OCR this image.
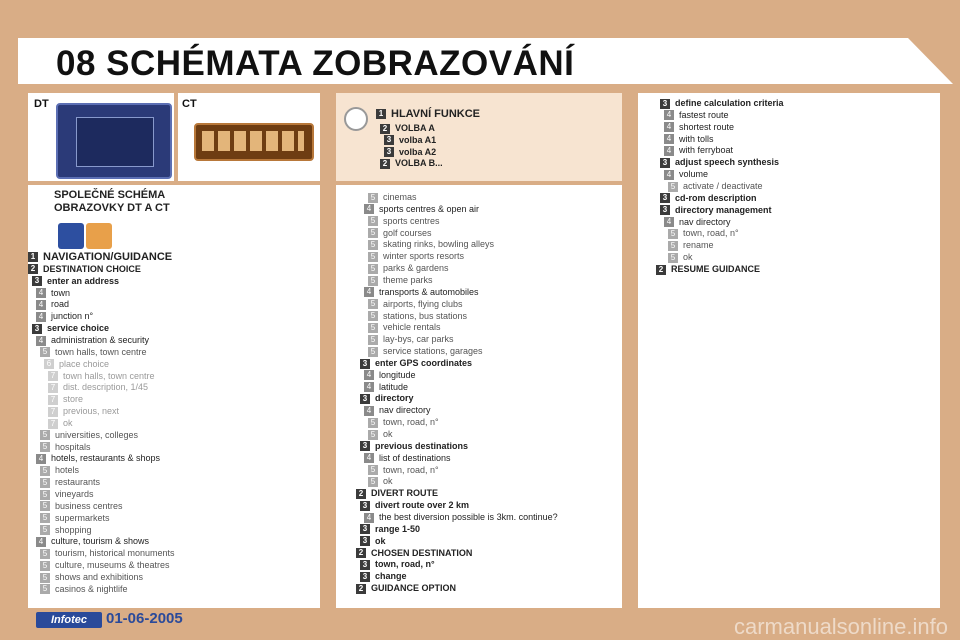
08 SCHÉMATA ZOBRAZOVÁNÍ
DT	CT
SPOLEČNÉ SCHÉMA
OBRAZOVKY DT A CT
1 NAVIGATION/GUIDANCE
2 DESTINATION CHOICE
3 enter an address
4 town
4 road
4 junction n°
3 service choice
4 administration & security
5 town halls, town centre
6 place choice
7 town halls, town centre
7 dist. description, 1/45
7 store
7 previous, next
7 ok
5 universities, colleges
5 hospitals
4 hotels, restaurants & shops
5 hotels
5 restaurants
5 vineyards
5 business centres
5 supermarkets
5 shopping
4 culture, tourism & shows
5 tourism, historical monuments
5 culture, museums & theatres
5 shows and exhibitions
5 casinos & nightlife
1 HLAVNÍ FUNKCE
2 VOLBA A
3 volba A1
3 volba A2
2 VOLBA B...
5 cinemas
4 sports centres & open air
5 sports centres
5 golf courses
5 skating rinks, bowling alleys
5 winter sports resorts
5 parks & gardens
5 theme parks
4 transports & automobiles
5 airports, flying clubs
5 stations, bus stations
5 vehicle rentals
5 lay-bys, car parks
5 service stations, garages
3 enter GPS coordinates
4 longitude
4 latitude
3 directory
4 nav directory
5 town, road, n°
5 ok
3 previous destinations
4 list of destinations
5 town, road, n°
5 ok
2 DIVERT ROUTE
3 divert route over 2 km
4 the best diversion possible is 3km. continue?
3 range 1-50
3 ok
2 CHOSEN DESTINATION
3 town, road, n°
3 change
2 GUIDANCE OPTION
3 define calculation criteria
4 fastest route
4 shortest route
4 with tolls
4 with ferryboat
3 adjust speech synthesis
4 volume
5 activate / deactivate
3 cd-rom description
3 directory management
4 nav directory
5 town, road, n°
5 rename
5 ok
2 RESUME GUIDANCE
Infotec	01-06-2005	carmanualsonline.info
